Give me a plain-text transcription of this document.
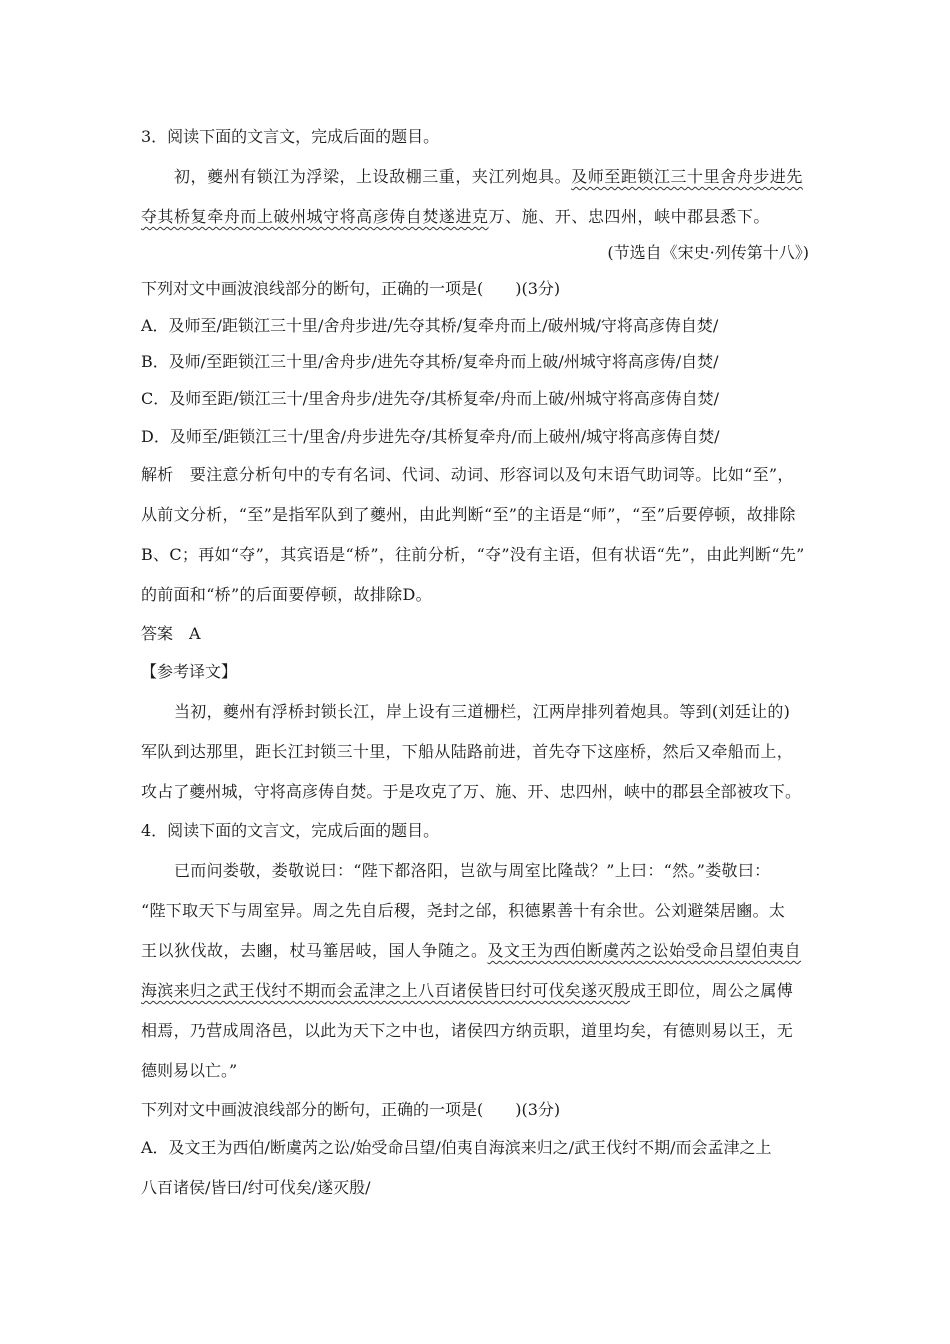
3．阅读下面的文言文，完成后面的题目。
初，夔州有锁江为浮梁，上设敌棚三重，夹江列炮具。及师至距锁江三十里舍舟步进先
夺其桥复牵舟而上破州城守将高彦俦自焚遂进克万、施、开、忠四州，峡中郡县悉下。
(节选自《宋史·列传第十八》)
下列对文中画波浪线部分的断句，正确的一项是(　　)(3分)
A．及师至/距锁江三十里/舍舟步进/先夺其桥/复牵舟而上/破州城/守将高彦俦自焚/
B．及师/至距锁江三十里/舍舟步/进先夺其桥/复牵舟而上破/州城守将高彦俦/自焚/
C．及师至距/锁江三十/里舍舟步/进先夺/其桥复牵/舟而上破/州城守将高彦俦自焚/
D．及师至/距锁江三十/里舍/舟步进先夺/其桥复牵舟/而上破州/城守将高彦俦自焚/
解析　要注意分析句中的专有名词、代词、动词、形容词以及句末语气助词等。比如“至”，
从前文分析，“至”是指军队到了夔州，由此判断“至”的主语是“师”，“至”后要停顿，故排除
B、C；再如“夺”，其宾语是“桥”，往前分析，“夺”没有主语，但有状语“先”，由此判断“先”
的前面和“桥”的后面要停顿，故排除D。
答案　A
【参考译文】
当初，夔州有浮桥封锁长江，岸上设有三道栅栏，江两岸排列着炮具。等到(刘廷让的)
军队到达那里，距长江封锁三十里，下船从陆路前进，首先夺下这座桥，然后又牵船而上，
攻占了夔州城，守将高彦俦自焚。于是攻克了万、施、开、忠四州，峡中的郡县全部被攻下。
4．阅读下面的文言文，完成后面的题目。
已而问娄敬，娄敬说曰：“陛下都洛阳，岂欲与周室比隆哉？”上曰：“然。”娄敬曰：
“陛下取天下与周室异。周之先自后稷，尧封之邰，积德累善十有余世。公刘避桀居豳。太
王以狄伐故，去豳，杖马箠居岐，国人争随之。及文王为西伯断虞芮之讼始受命吕望伯夷自
海滨来归之武王伐纣不期而会孟津之上八百诸侯皆曰纣可伐矣遂灭殷成王即位，周公之属傅
相焉，乃营成周洛邑，以此为天下之中也，诸侯四方纳贡职，道里均矣，有德则易以王，无
德则易以亡。”
下列对文中画波浪线部分的断句，正确的一项是(　　)(3分)
A．及文王为西伯/断虞芮之讼/始受命吕望/伯夷自海滨来归之/武王伐纣不期/而会孟津之上
八百诸侯/皆曰/纣可伐矣/遂灭殷/
